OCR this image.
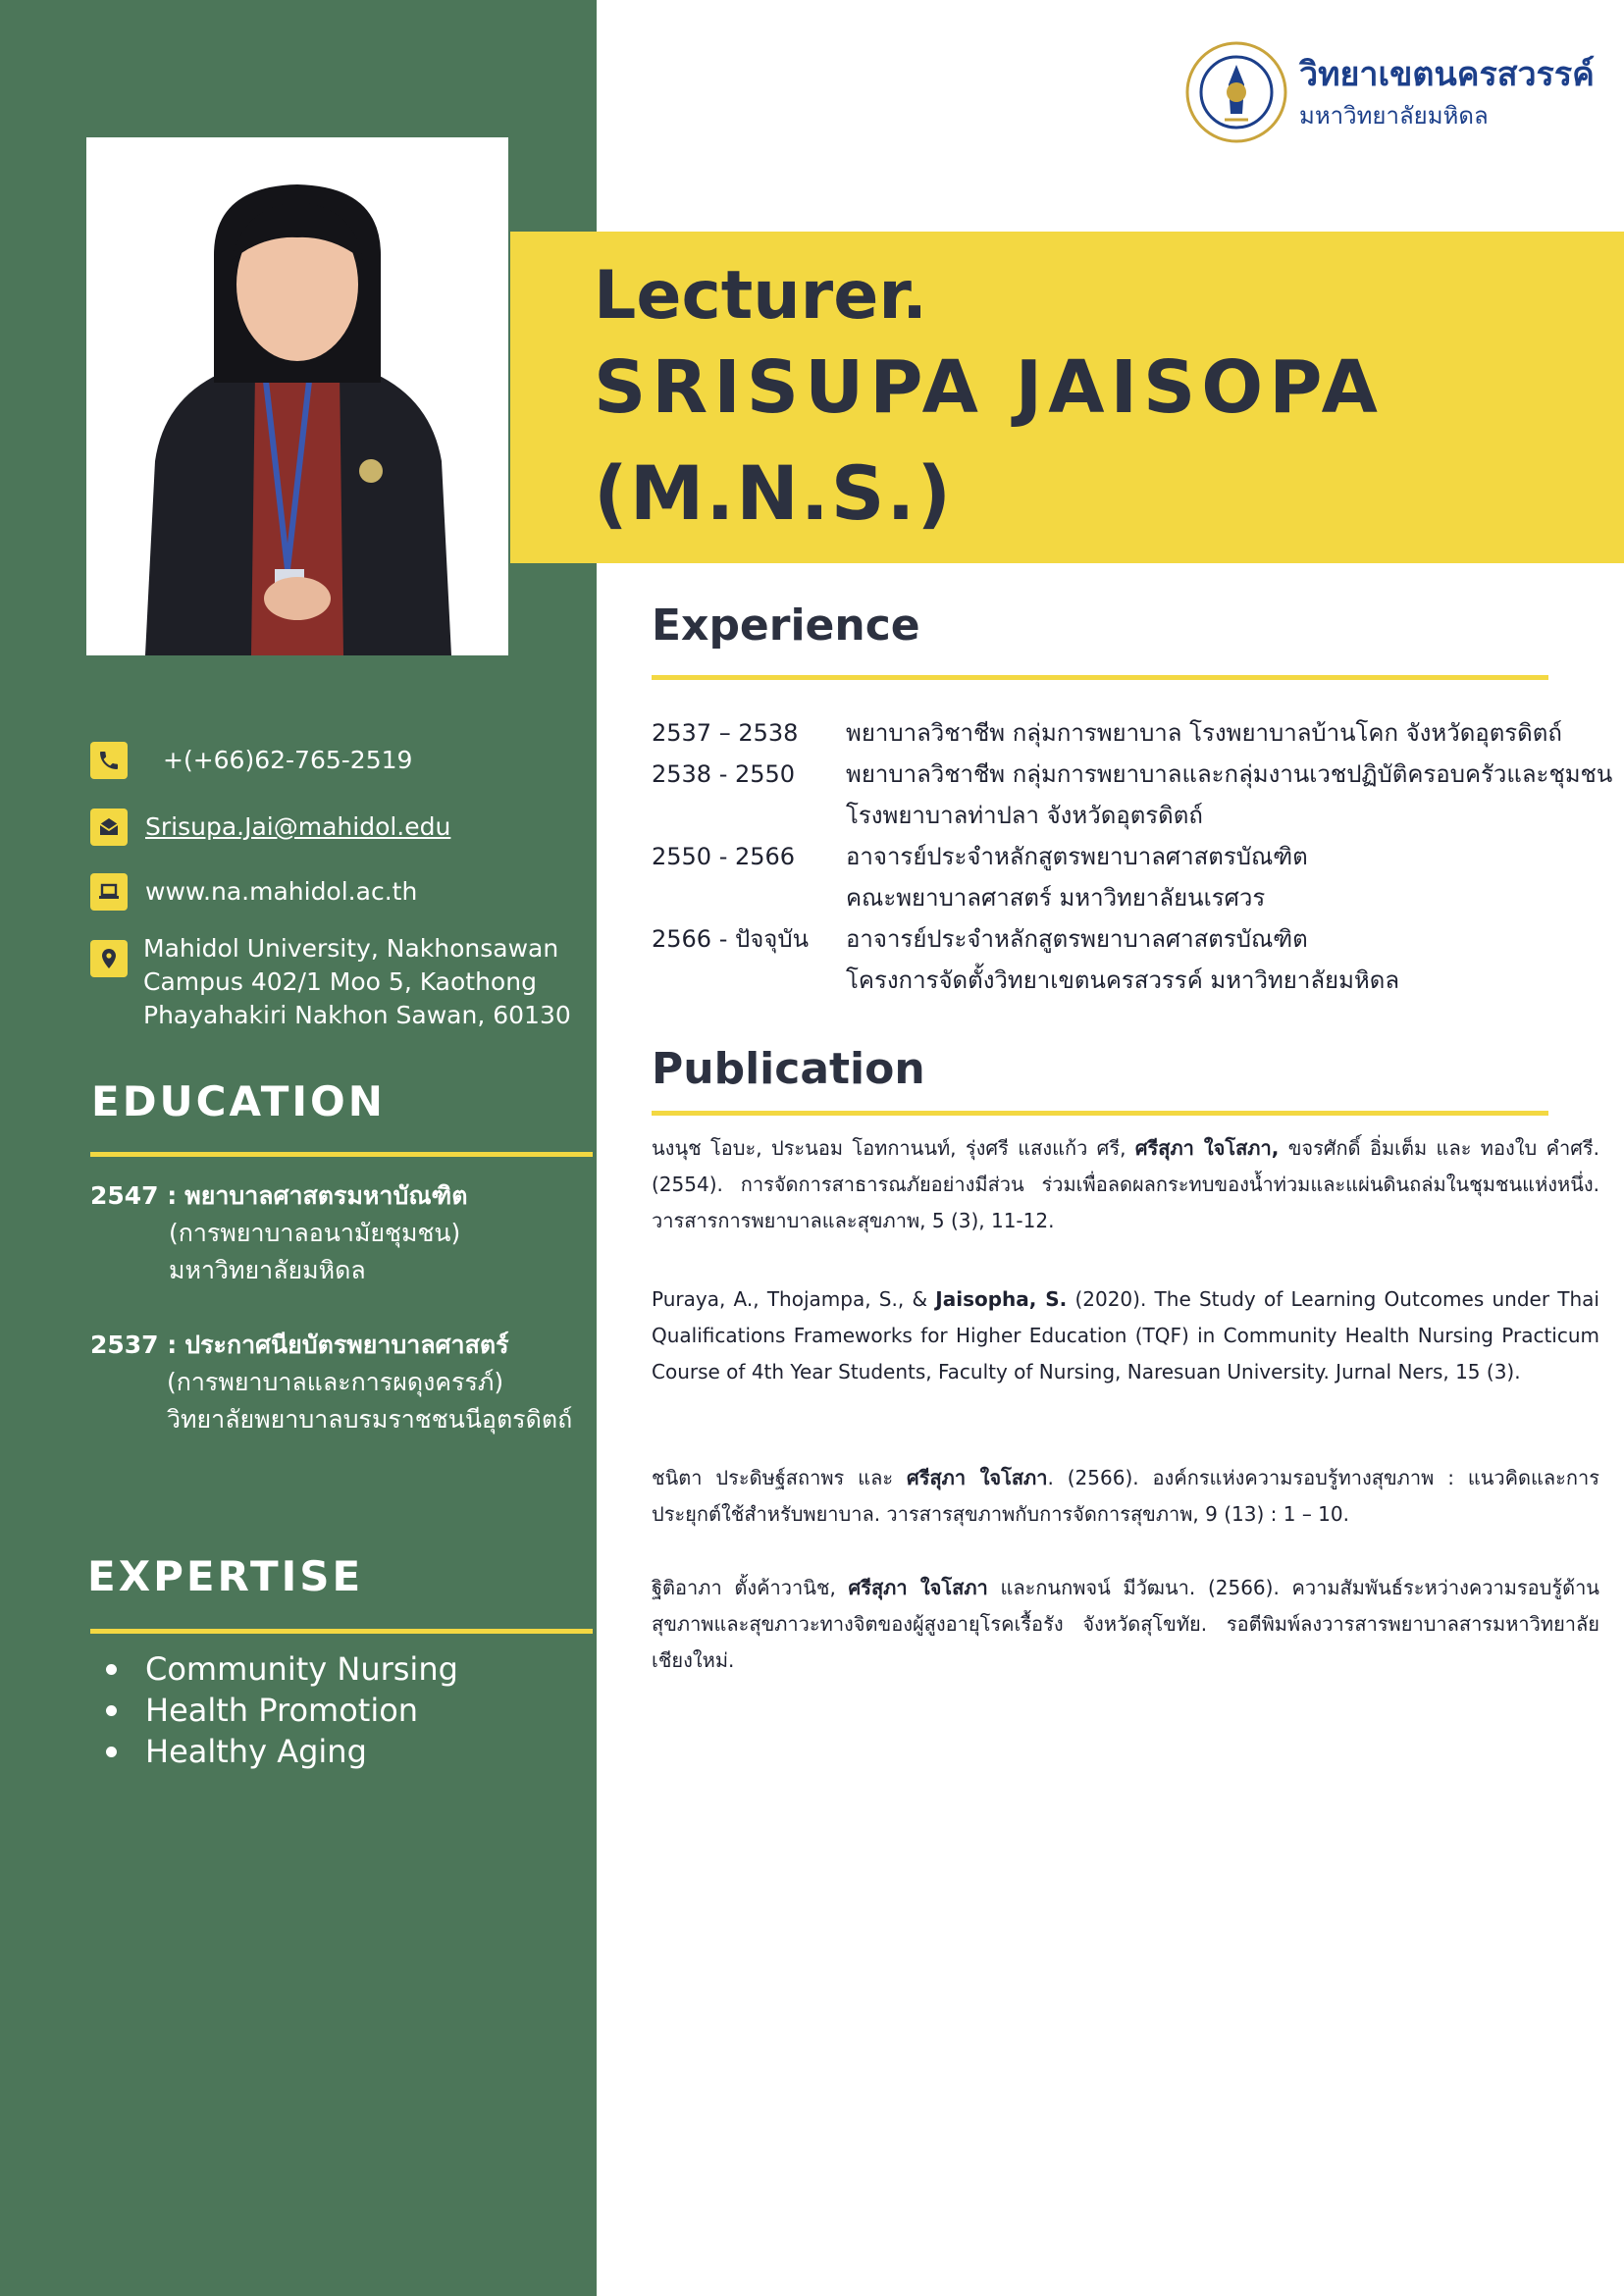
Lecturer.
SRISUPA JAISOPA
(M.N.S.)
วิทยาเขตนครสวรรค์
มหาวิทยาลัยมหิดล
+(+66)62-765-2519
Srisupa.Jai@mahidol.edu
www.na.mahidol.ac.th
Mahidol University, Nakhonsawan
Campus 402/1 Moo 5, Kaothong
Phayahakiri Nakhon Sawan, 60130
EDUCATION
2547 : พยาบาลศาสตรมหาบัณฑิต
(การพยาบาลอนามัยชุมชน)
มหาวิทยาลัยมหิดล
2537 : ประกาศนียบัตรพยาบาลศาสตร์
(การพยาบาลและการผดุงครรภ์)
วิทยาลัยพยาบาลบรมราชชนนีอุตรดิตถ์
EXPERTISE
Community Nursing
Health Promotion
Healthy Aging
Experience
2537 – 2538	พยาบาลวิชาชีพ กลุ่มการพยาบาล โรงพยาบาลบ้านโคก จังหวัดอุตรดิตถ์
2538 - 2550	พยาบาลวิชาชีพ กลุ่มการพยาบาลและกลุ่มงานเวชปฏิบัติครอบครัวและชุมชน
โรงพยาบาลท่าปลา จังหวัดอุตรดิตถ์
2550 - 2566	อาจารย์ประจำหลักสูตรพยาบาลศาสตรบัณฑิต
คณะพยาบาลศาสตร์ มหาวิทยาลัยนเรศวร
2566 - ปัจจุบัน	อาจารย์ประจำหลักสูตรพยาบาลศาสตรบัณฑิต
โครงการจัดตั้งวิทยาเขตนครสวรรค์ มหาวิทยาลัยมหิดล
Publication

นงนุช โอบะ, ประนอม โอทกานนท์, รุ่งศรี แสงแก้ว ศรี, ศรีสุภา ใจโสภา, ขจรศักดิ์ อิ่มเต็ม และ ทองใบ คำศรี. (2554). การจัดการสาธารณภัยอย่างมีส่วน ร่วมเพื่อลดผลกระทบของน้ำท่วมและแผ่นดินถล่มในชุมชนแห่งหนึ่ง. วารสารการพยาบาลและสุขภาพ, 5 (3), 11-12.

Puraya, A., Thojampa, S., & Jaisopha, S. (2020). The Study of Learning Outcomes under Thai Qualifications Frameworks for Higher Education (TQF) in Community Health Nursing Practicum Course of 4th Year Students, Faculty of Nursing, Naresuan University. Jurnal Ners, 15 (3).

ชนิตา ประดิษฐ์สถาพร และ ศรีสุภา ใจโสภา. (2566). องค์กรแห่งความรอบรู้ทางสุขภาพ : แนวคิดและการประยุกต์ใช้สำหรับพยาบาล. วารสารสุขภาพกับการจัดการสุขภาพ, 9 (13) : 1 – 10.

ฐิติอาภา ตั้งค้าวานิช, ศรีสุภา ใจโสภา และกนกพจน์ มีวัฒนา. (2566). ความสัมพันธ์ระหว่างความรอบรู้ด้านสุขภาพและสุขภาวะทางจิตของผู้สูงอายุโรคเรื้อรัง จังหวัดสุโขทัย. รอตีพิมพ์ลงวารสารพยาบาลสารมหาวิทยาลัยเชียงใหม่.
